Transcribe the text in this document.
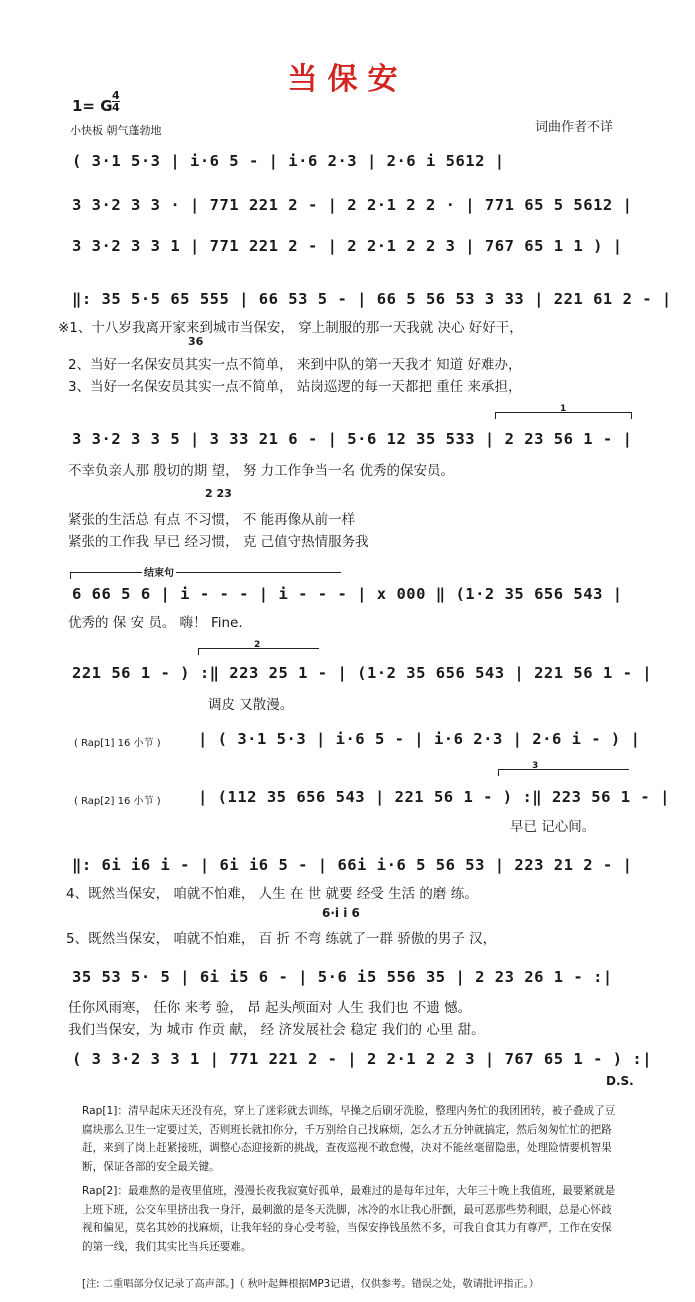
当保安
1= G $\frac{4}{4}$
小快板 朝气蓬勃地	词曲作者不详
( 3·1 5·3 | i·6 5 - | i·6 2·3 | 2·6 i 5612 |
3 3·2 3 3 · | 771 221 2 - | 2 2·1 2 2 · | 771 65 5 5612 |
3 3·2 3 3 1 | 771 221 2 - | 2 2·1 2 2 3 | 767 65 1 1 ) |
‖: 35 5·5 65 555 | 66 53 5 - | 66 5 56 53 3 33 | 221 61 2 - |
※1、十八岁我离开家来到城市当保安， 穿上制服的那一天我就 决心 好好干，
36
2、当好一名保安员其实一点不简单， 来到中队的第一天我才 知道 好难办，
3、当好一名保安员其实一点不简单， 站岗巡逻的每一天都把 重任 来承担，
1
3 3·2 3 3 5 | 3 33 21 6 - | 5·6 12 35 533 | 2 23 56 1 - |
不幸负亲人那 殷切的期 望， 努 力工作争当一名 优秀的保安员。
2 23
紧张的生活总 有点 不习惯， 不 能再像从前一样
紧张的工作我 早已 经习惯， 克 己值守热情服务我
结束句
6 66 5 6 | i - - - | i - - - | x 000 ‖ (1·2 35 656 543 |
优秀的 保 安 员。 嗨！ Fine.
2
221 56 1 - ) :‖ 223 25 1 - | (1·2 35 656 543 | 221 56 1 - |
调皮 又散漫。
( Rap[1] 16 小节 ) | ( 3·1 5·3 | i·6 5 - | i·6 2·3 | 2·6 i - ) |
3
( Rap[2] 16 小节 ) | (112 35 656 543 | 221 56 1 - ) :‖ 223 56 1 - |
早已 记心间。
‖: 6i i6 i - | 6i i6 5 - | 66i i·6 5 56 53 | 223 21 2 - |
4、既然当保安， 咱就不怕难， 人生 在 世 就要 经受 生活 的磨 练。
6·i i 6
5、既然当保安， 咱就不怕难， 百 折 不弯 练就了一群 骄傲的男子 汉，
35 53 5· 5 | 6i i5 6 - | 5·6 i5 556 35 | 2 23 26 1 - :|
任你风雨寒， 任你 来考 验， 昂 起头颅面对 人生 我们也 不遗 憾。
我们当保安，为 城市 作贡 献， 经 济发展社会 稳定 我们的 心里 甜。
( 3 3·2 3 3 1 | 771 221 2 - | 2 2·1 2 2 3 | 767 65 1 - ) :|
D.S.
Rap[1]：清早起床天还没有亮，穿上了迷彩就去训练，早操之后刷牙洗脸，整理内务忙的我团团转，被子叠成了豆腐块那么卫生一定要过关，否则班长就扣你分，千万别给自己找麻烦，怎么才五分钟就搞定，然后匆匆忙忙的把路赶，来到了岗上赶紧接班，调整心态迎接新的挑战，查夜巡视不敢怠慢，决对不能丝毫留隐患，处理险情要机智果断，保证各部的安全最关键。
Rap[2]：最难熬的是夜里值班，漫漫长夜我寂寞好孤单，最难过的是每年过年，大年三十晚上我值班，最要紧就是上班下班，公交车里挤出我一身汗，最刺激的是冬天洗脚，冰冷的水让我心肝颤，最可恶那些势利眼，总是心怀歧视和偏见，莫名其妙的找麻烦，让我年轻的身心受考验，当保安挣钱虽然不多，可我自食其力有尊严，工作在安保的第一线，我们其实比当兵还要难。
[注: 二重唱部分仅记录了高声部。]（ 秋叶起舞根据MP3记谱，仅供参考。错误之处，敬请批评指正。）
